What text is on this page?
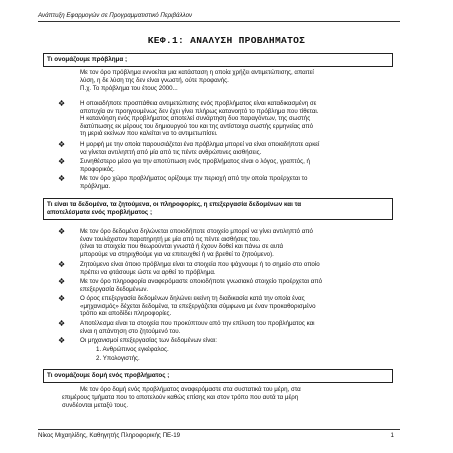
Ανάπτυξη Εφαρμογών σε Προγραμματιστικό Περιβάλλον
ΚΕΦ.1: ΑΝΑΛΥΣΗ ΠΡΟΒΛΗΜΑΤΟΣ
Τι ονομάζουμε πρόβλημα ;
Με τον όρο πρόβλημα εννοείται μια κατάσταση η οποία χρήζει αντιμετώπισης, απαιτεί
λύση, η δε λύση της δεν είναι γνωστή, ούτε προφανής.
Π.χ. Το πρόβλημα του έτους 2000...
❖ Η οποιαδήποτε προσπάθεια αντιμετώπισης ενός προβλήματος είναι καταδικασμένη σε
αποτυχία αν προηγουμένως δεν έχει γίνει πλήρως κατανοητό το πρόβλημα που τίθεται.
Η κατανόηση ενός προβλήματος αποτελεί συνάρτηση δυο παραγόντων, της σωστής
διατύπωσης εκ μέρους του δημιουργού του και της αντίστοιχα σωστής ερμηνείας από
τη μεριά εκείνων που καλείται να το αντιμετωπίσει.
❖ Η μορφή με την οποία παρουσιάζεται ένα πρόβλημα μπορεί να είναι οποιαδήποτε αρκεί
να γίνεται αντιληπτή από μία από τις πέντε ανθρώπινες αισθήσεις.
❖ Συνηθέστερο μέσο για την αποτύπωση ενός προβλήματος είναι ο λόγος, γραπτός, ή
προφορικός.
❖ Με τον όρο χώρο προβλήματος ορίζουμε την περιοχή από την οποία προέρχεται το
πρόβλημα.
Τι είναι τα δεδομένα, τα ζητούμενα, οι πληροφορίες, η επεξεργασία δεδομένων και τα
αποτελέσματα ενός προβλήματος ;
❖ Με τον όρο δεδομένα δηλώνεται οποιοδήποτε στοιχείο μπορεί να γίνει αντιληπτό από
έναν τουλάχιστον παρατηρητή με μία από τις πέντε αισθήσεις του.
(είναι τα στοιχεία που θεωρούνται γνωστά ή έχουν δοθεί και πάνω σε αυτά
μπορούμε να στηριχθούμε για να επιτευχθεί ή να βρεθεί το ζητούμενο).
❖ Ζητούμενο είναι όποιο πρόβλημα είναι τα στοιχεία που ψάχνουμε ή το σημείο στο οποίο
πρέπει να φτάσουμε ώστε να αρθεί το πρόβλημα.
❖ Με τον όρο πληροφορία αναφερόμαστε οποιοδήποτε γνωσιακό στοιχείο προέρχεται από
επεξεργασία δεδομένων.
❖ Ο όρος επεξεργασία δεδομένων δηλώνει εκείνη τη διαδικασία κατά την οποία ένας
«μηχανισμός» δέχεται δεδομένα, τα επεξεργάζεται σύμφωνα με έναν προκαθορισμένο
τρόπο και αποδίδει πληροφορίες.
❖ Αποτέλεσμα είναι τα στοιχεία που προκύπτουν από την επίλυση του προβλήματος και
είναι η απάντηση στο ζητούμενό του.
❖ Οι μηχανισμοί επεξεργασίας των δεδομένων είναι:
1. Ανθρώπινος εγκέφαλος.
2. Υπολογιστής.
Τι ονομάζουμε δομή ενός προβλήματος ;
Με τον όρο δομή ενός προβλήματος αναφερόμαστε στα συστατικά του μέρη, στα
επιμέρους τμήματα που το αποτελούν καθώς επίσης και στον τρόπο που αυτά τα μέρη
συνδέονται μεταξύ τους.
Νίκος Μιχαηλίδης, Καθηγητής Πληροφορικής ΠΕ-19	1
